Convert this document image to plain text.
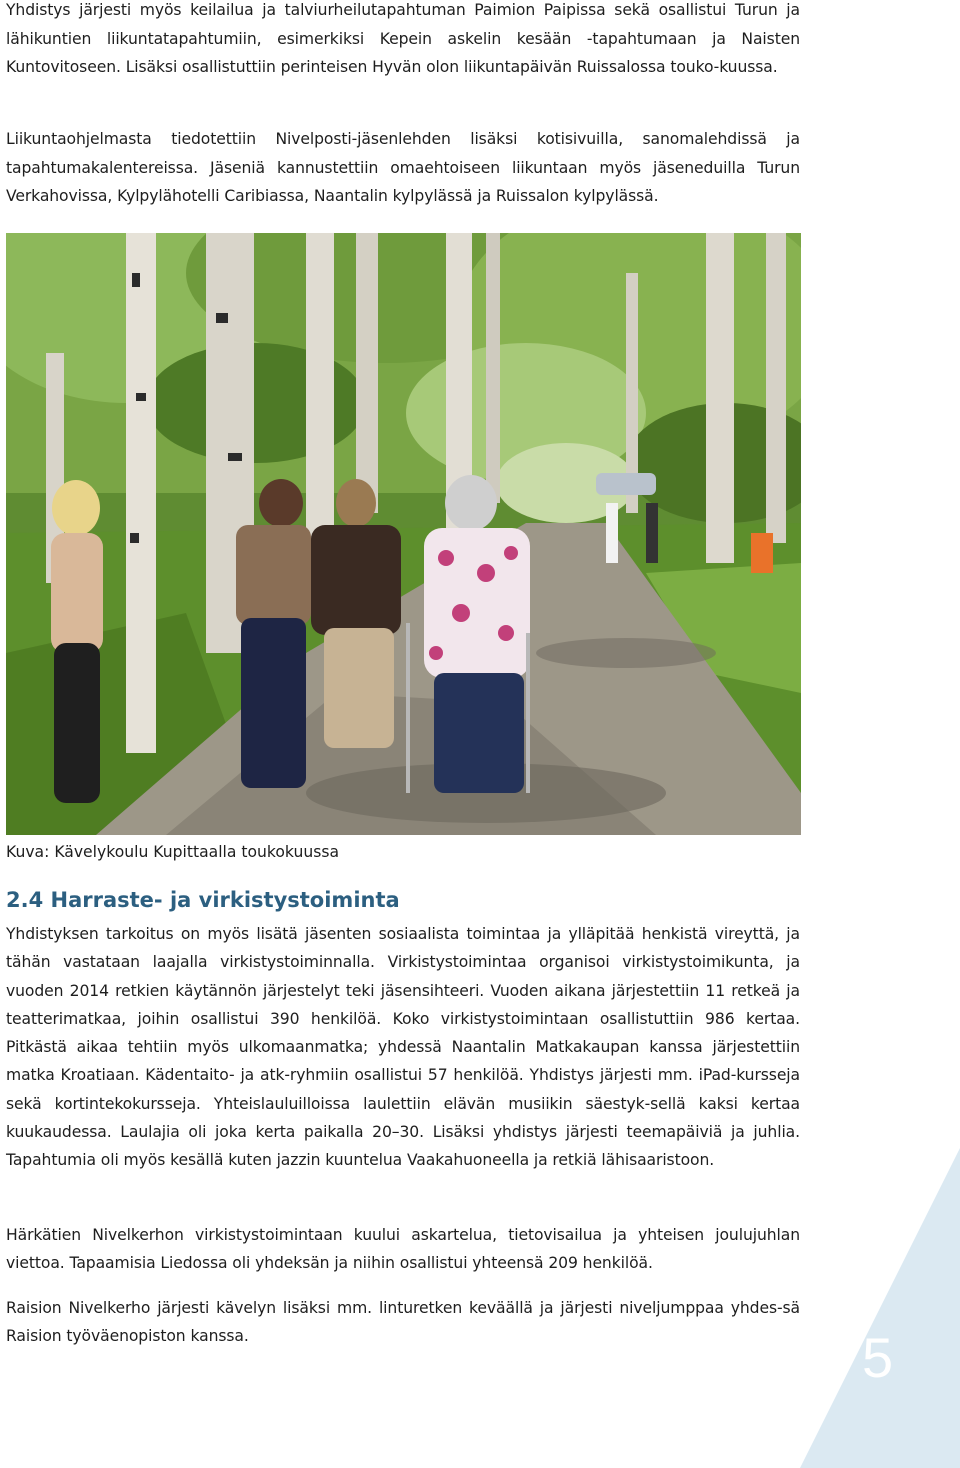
Yhdistys järjesti myös keilailua ja talviurheilutapahtuman Paimion Paipissa sekä osallistui Turun ja lähikuntien liikuntatapahtumiin, esimerkiksi Kepein askelin kesään -tapahtumaan ja Naisten Kuntovitoseen. Lisäksi osallistuttiin perinteisen Hyvän olon liikuntapäivän Ruissalossa touko-kuussa.

Liikuntaohjelmasta tiedotettiin Nivelposti-jäsenlehden lisäksi kotisivuilla, sanomalehdissä ja tapahtumakalentereissa. Jäseniä kannustettiin omaehtoiseen liikuntaan myös jäseneduilla Turun Verkahovissa, Kylpylähotelli Caribiassa, Naantalin kylpylässä ja Ruissalon kylpylässä.

Kuva: Kävelykoulu Kupittaalla toukokuussa

2.4 Harraste- ja virkistystoiminta

Yhdistyksen tarkoitus on myös lisätä jäsenten sosiaalista toimintaa ja ylläpitää henkistä vireyttä, ja tähän vastataan laajalla virkistystoiminnalla. Virkistystoimintaa organisoi virkistystoimikunta, ja vuoden 2014 retkien käytännön järjestelyt teki jäsensihteeri. Vuoden aikana järjestettiin 11 retkeä ja teatterimatkaa, joihin osallistui 390 henkilöä. Koko virkistystoimintaan osallistuttiin 986 kertaa. Pitkästä aikaa tehtiin myös ulkomaanmatka; yhdessä Naantalin Matkakaupan kanssa järjestettiin matka Kroatiaan. Kädentaito- ja atk-ryhmiin osallistui 57 henkilöä. Yhdistys järjesti mm. iPad-kursseja sekä kortintekokursseja. Yhteislauluilloissa laulettiin elävän musiikin säestyk-sellä kaksi kertaa kuukaudessa. Laulajia oli joka kerta paikalla 20–30. Lisäksi yhdistys järjesti teemapäiviä ja juhlia. Tapahtumia oli myös kesällä kuten jazzin kuuntelua Vaakahuoneella ja retkiä lähisaaristoon.

Härkätien Nivelkerhon virkistystoimintaan kuului askartelua, tietovisailua ja yhteisen joulujuhlan viettoa. Tapaamisia Liedossa oli yhdeksän ja niihin osallistui yhteensä 209 henkilöä.

Raision Nivelkerho järjesti kävelyn lisäksi mm. linturetken keväällä ja järjesti niveljumppaa yhdes-sä Raision työväenopiston kanssa.	5
